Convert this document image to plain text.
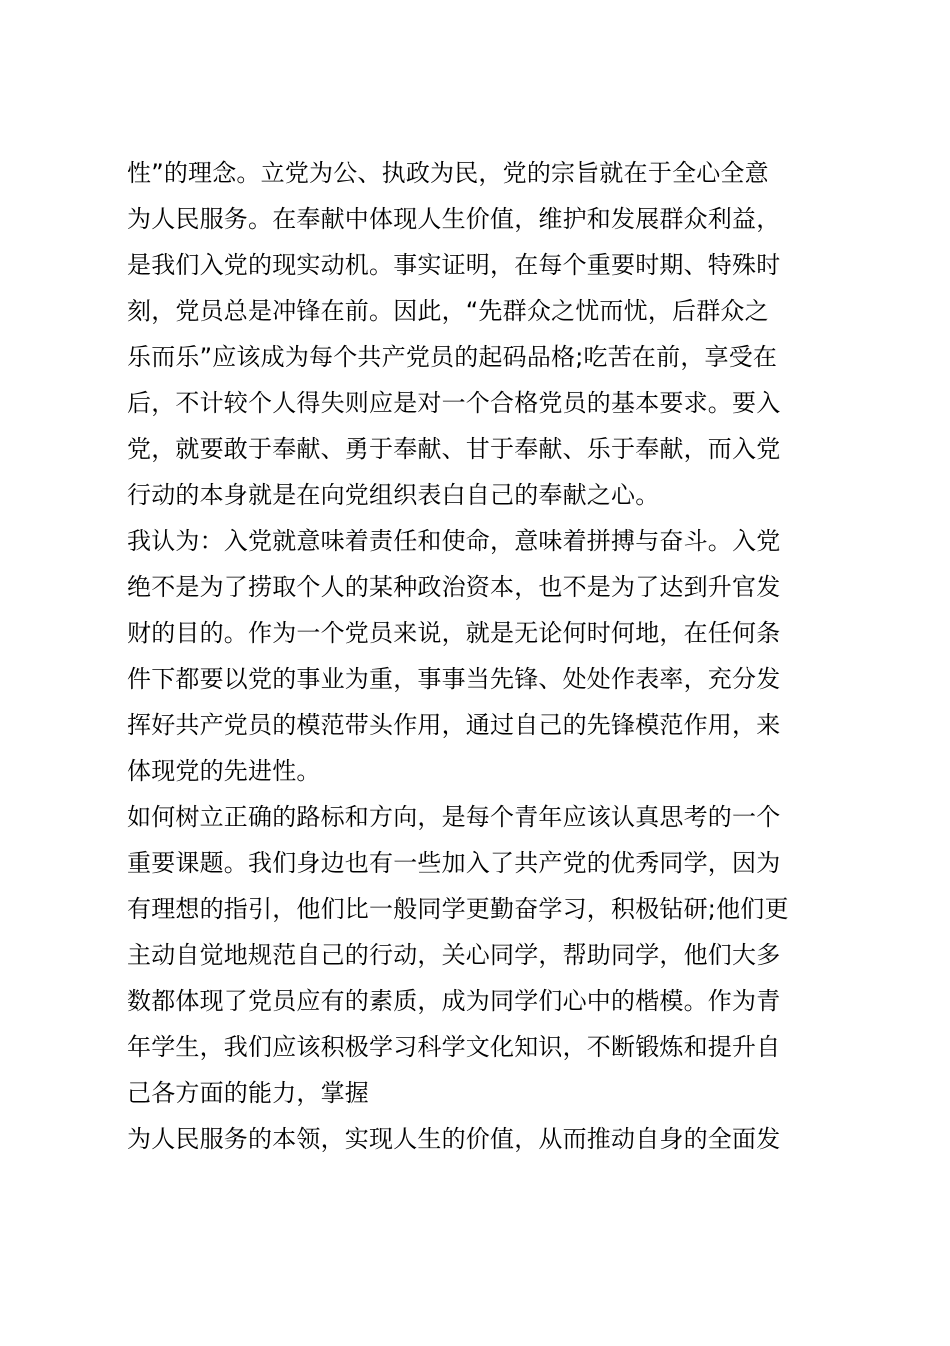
性”的理念。立党为公、执政为民，党的宗旨就在于全心全意
为人民服务。在奉献中体现人生价值，维护和发展群众利益，
是我们入党的现实动机。事实证明，在每个重要时期、特殊时
刻，党员总是冲锋在前。因此，“先群众之忧而忧，后群众之
乐而乐”应该成为每个共产党员的起码品格;吃苦在前，享受在
后，不计较个人得失则应是对一个合格党员的基本要求。要入
党，就要敢于奉献、勇于奉献、甘于奉献、乐于奉献，而入党
行动的本身就是在向党组织表白自己的奉献之心。
我认为：入党就意味着责任和使命，意味着拼搏与奋斗。入党
绝不是为了捞取个人的某种政治资本，也不是为了达到升官发
财的目的。作为一个党员来说，就是无论何时何地，在任何条
件下都要以党的事业为重，事事当先锋、处处作表率，充分发
挥好共产党员的模范带头作用，通过自己的先锋模范作用，来
体现党的先进性。
如何树立正确的路标和方向，是每个青年应该认真思考的一个
重要课题。我们身边也有一些加入了共产党的优秀同学，因为
有理想的指引，他们比一般同学更勤奋学习，积极钻研;他们更
主动自觉地规范自己的行动，关心同学，帮助同学，他们大多
数都体现了党员应有的素质，成为同学们心中的楷模。作为青
年学生，我们应该积极学习科学文化知识，不断锻炼和提升自
己各方面的能力，掌握
为人民服务的本领，实现人生的价值，从而推动自身的全面发
